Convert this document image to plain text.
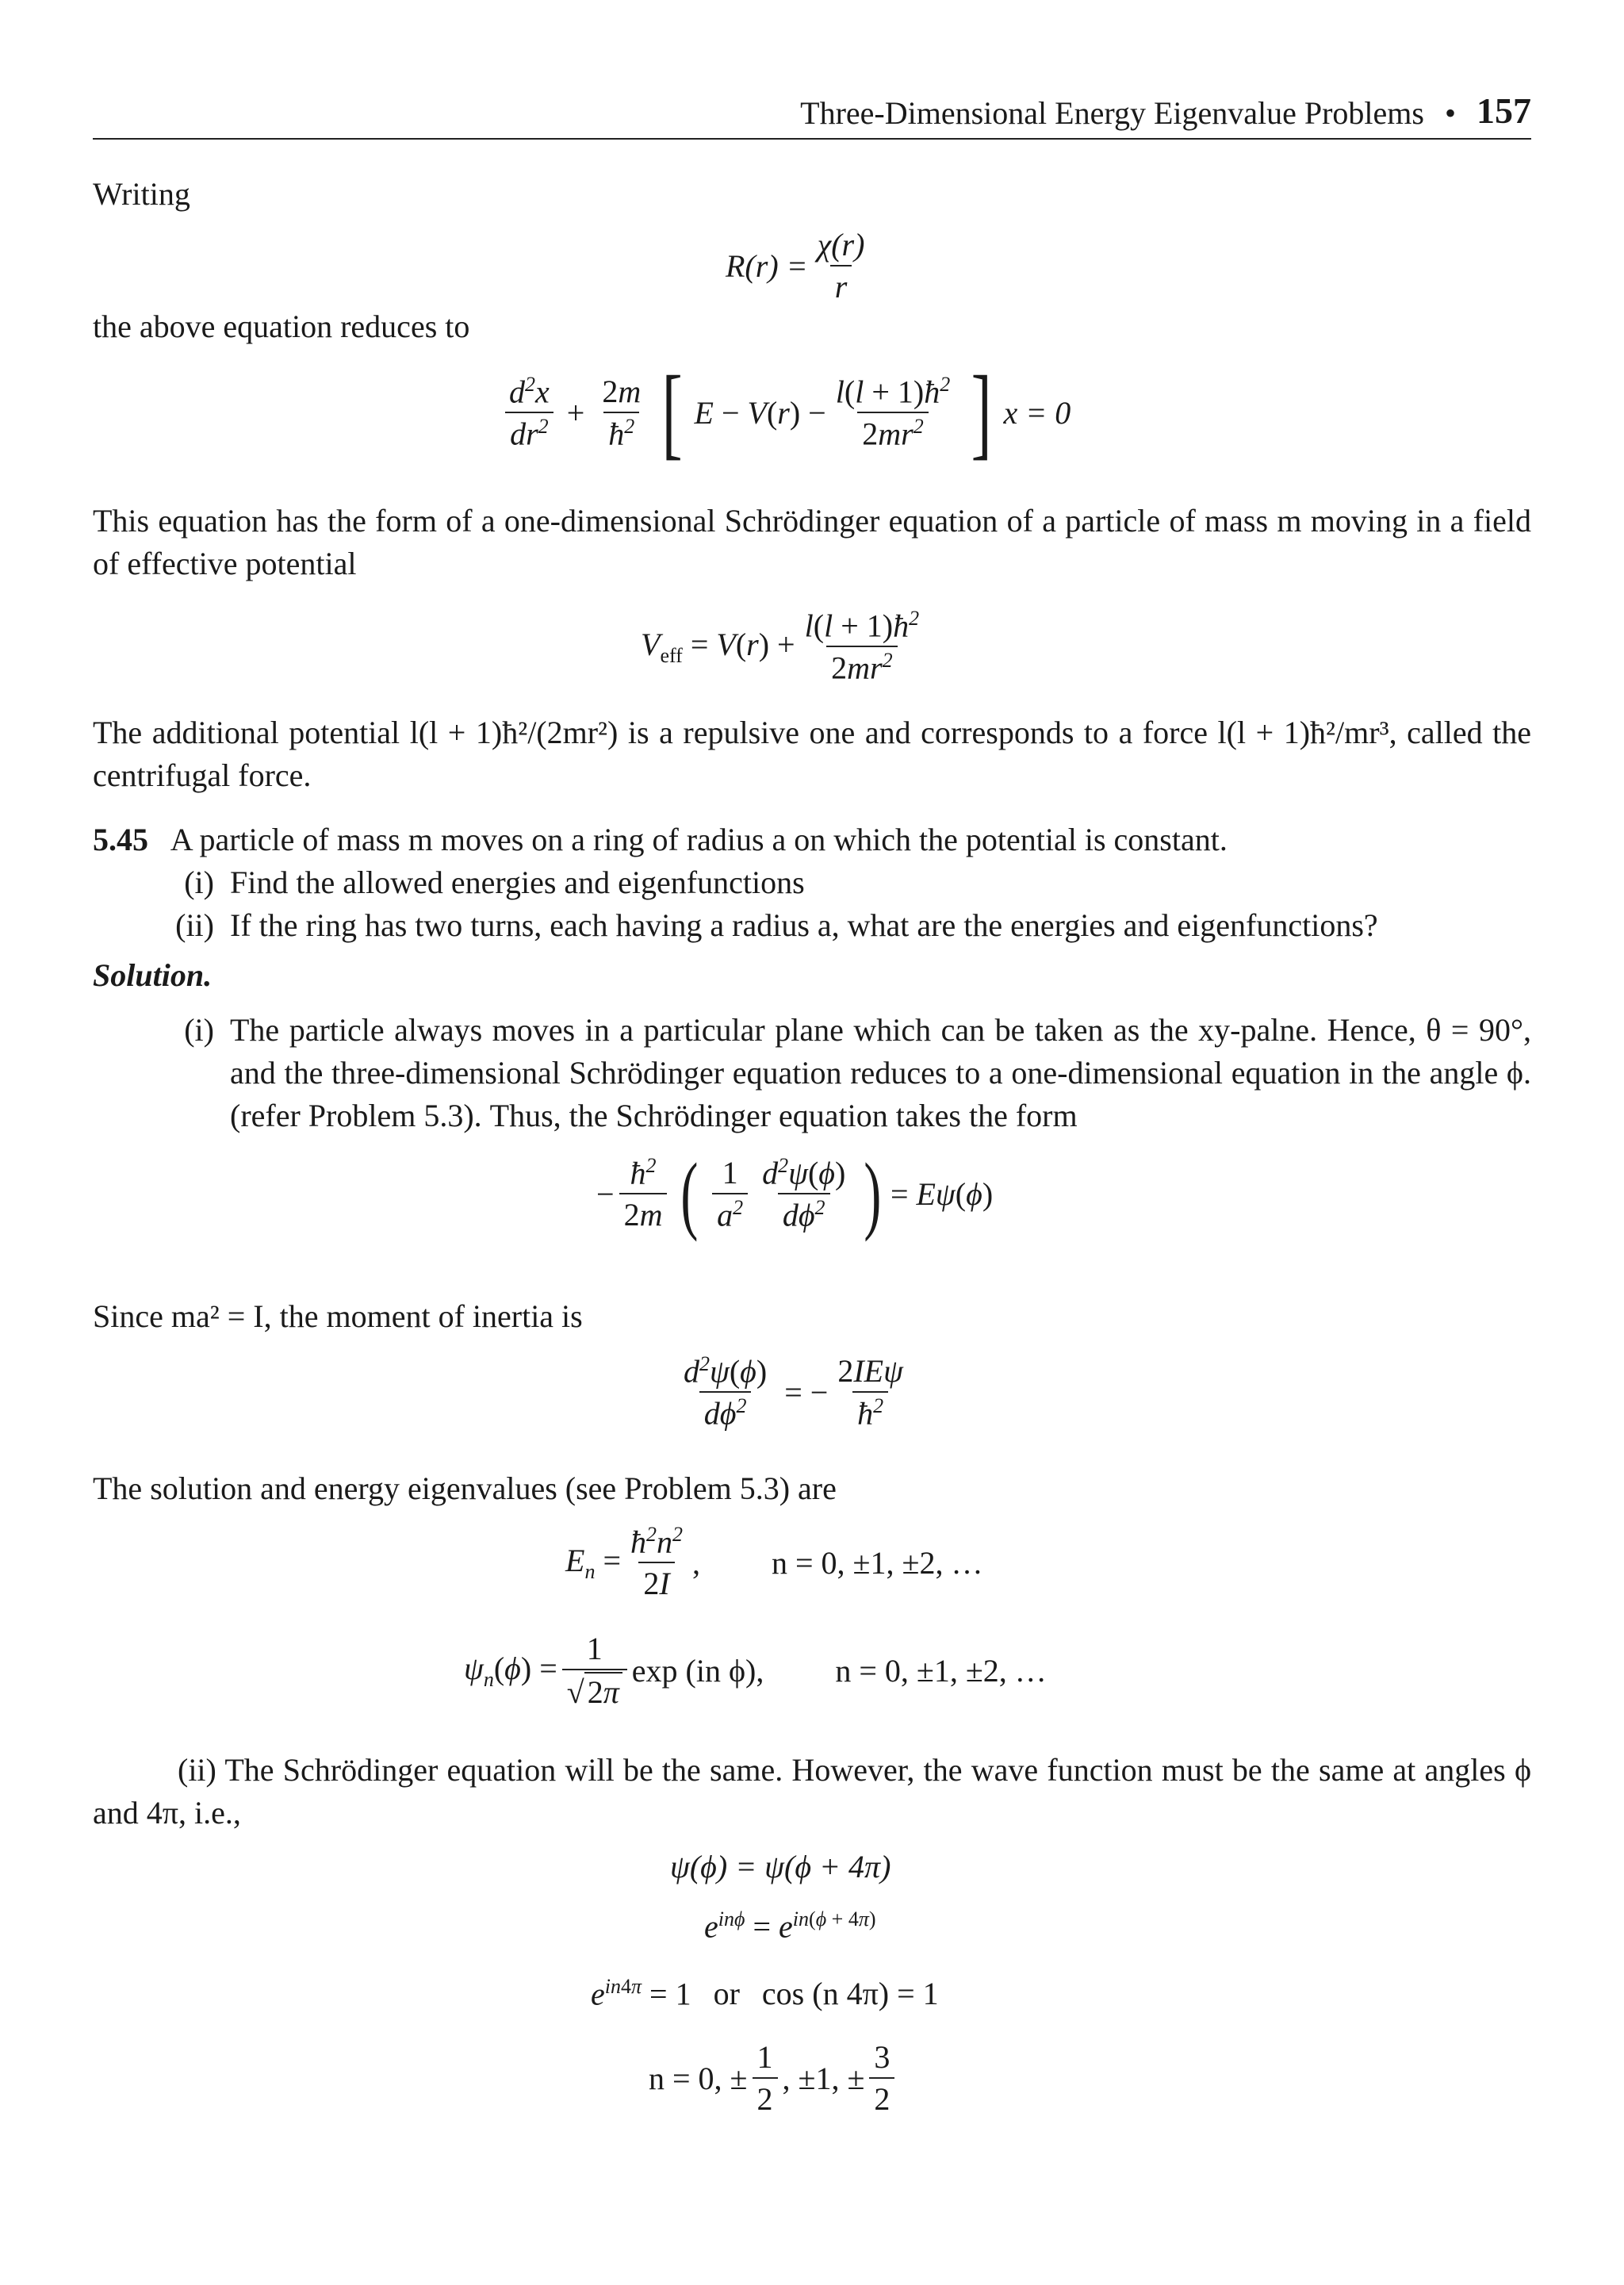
Three-Dimensional Energy Eigenvalue Problems • 157
Writing
$R(r) = \frac{\chi(r)}{r}$
the above equation reduces to
$\frac{d^2x}{dr^2} + \frac{2m}{ħ^2}$ [ $E - V(r) - \frac{l(l + 1)ħ^2}{2mr^2}$ ] x = 0
This equation has the form of a one-dimensional Schrödinger equation of a particle of mass m moving in a field of effective potential
$V_{eff} = V(r) + \frac{l(l + 1)ħ^2}{2mr^2}$
The additional potential l(l + 1)ħ²/(2mr²) is a repulsive one and corresponds to a force l(l + 1)ħ²/mr³, called the centrifugal force.
5.45 A particle of mass m moves on a ring of radius a on which the potential is constant.
(i) Find the allowed energies and eigenfunctions
(ii) If the ring has two turns, each having a radius a, what are the energies and eigenfunctions?
Solution.
(i) The particle always moves in a particular plane which can be taken as the xy-palne. Hence, θ = 90°, and the three-dimensional Schrödinger equation reduces to a one-dimensional equation in the angle ϕ. (refer Problem 5.3). Thus, the Schrödinger equation takes the form
− $\frac{ħ^2}{2m}$ ( $\frac{1}{a^2} \frac{d^2\psi(\phi)}{d\phi^2}$ ) = Eψ(ϕ)
Since ma² = I, the moment of inertia is
$\frac{d^2\psi(\phi)}{d\phi^2}$ = − $\frac{\text{2IEψ}}{ħ^2}$
The solution and energy eigenvalues (see Problem 5.3) are
$E_n = \frac{ħ^2n^2}{2I}$ , n = 0, ±1, ±2, …
$\psi_n(\phi) = \frac{1}{√ 2\pi}$ exp (in ϕ), n = 0, ±1, ±2, …
(ii) The Schrödinger equation will be the same. However, the wave function must be the same at angles ϕ and 4π, i.e.,
ψ(ϕ) = ψ(ϕ + 4π)
$e^{in\phi} = e^{in(\phi + 4\pi)}$
$e^{in4\pi} = 1$ or cos (n 4π) = 1
n = 0, ± $\frac{1}{2}$ , ±1, ± $\frac{3}{2}$
